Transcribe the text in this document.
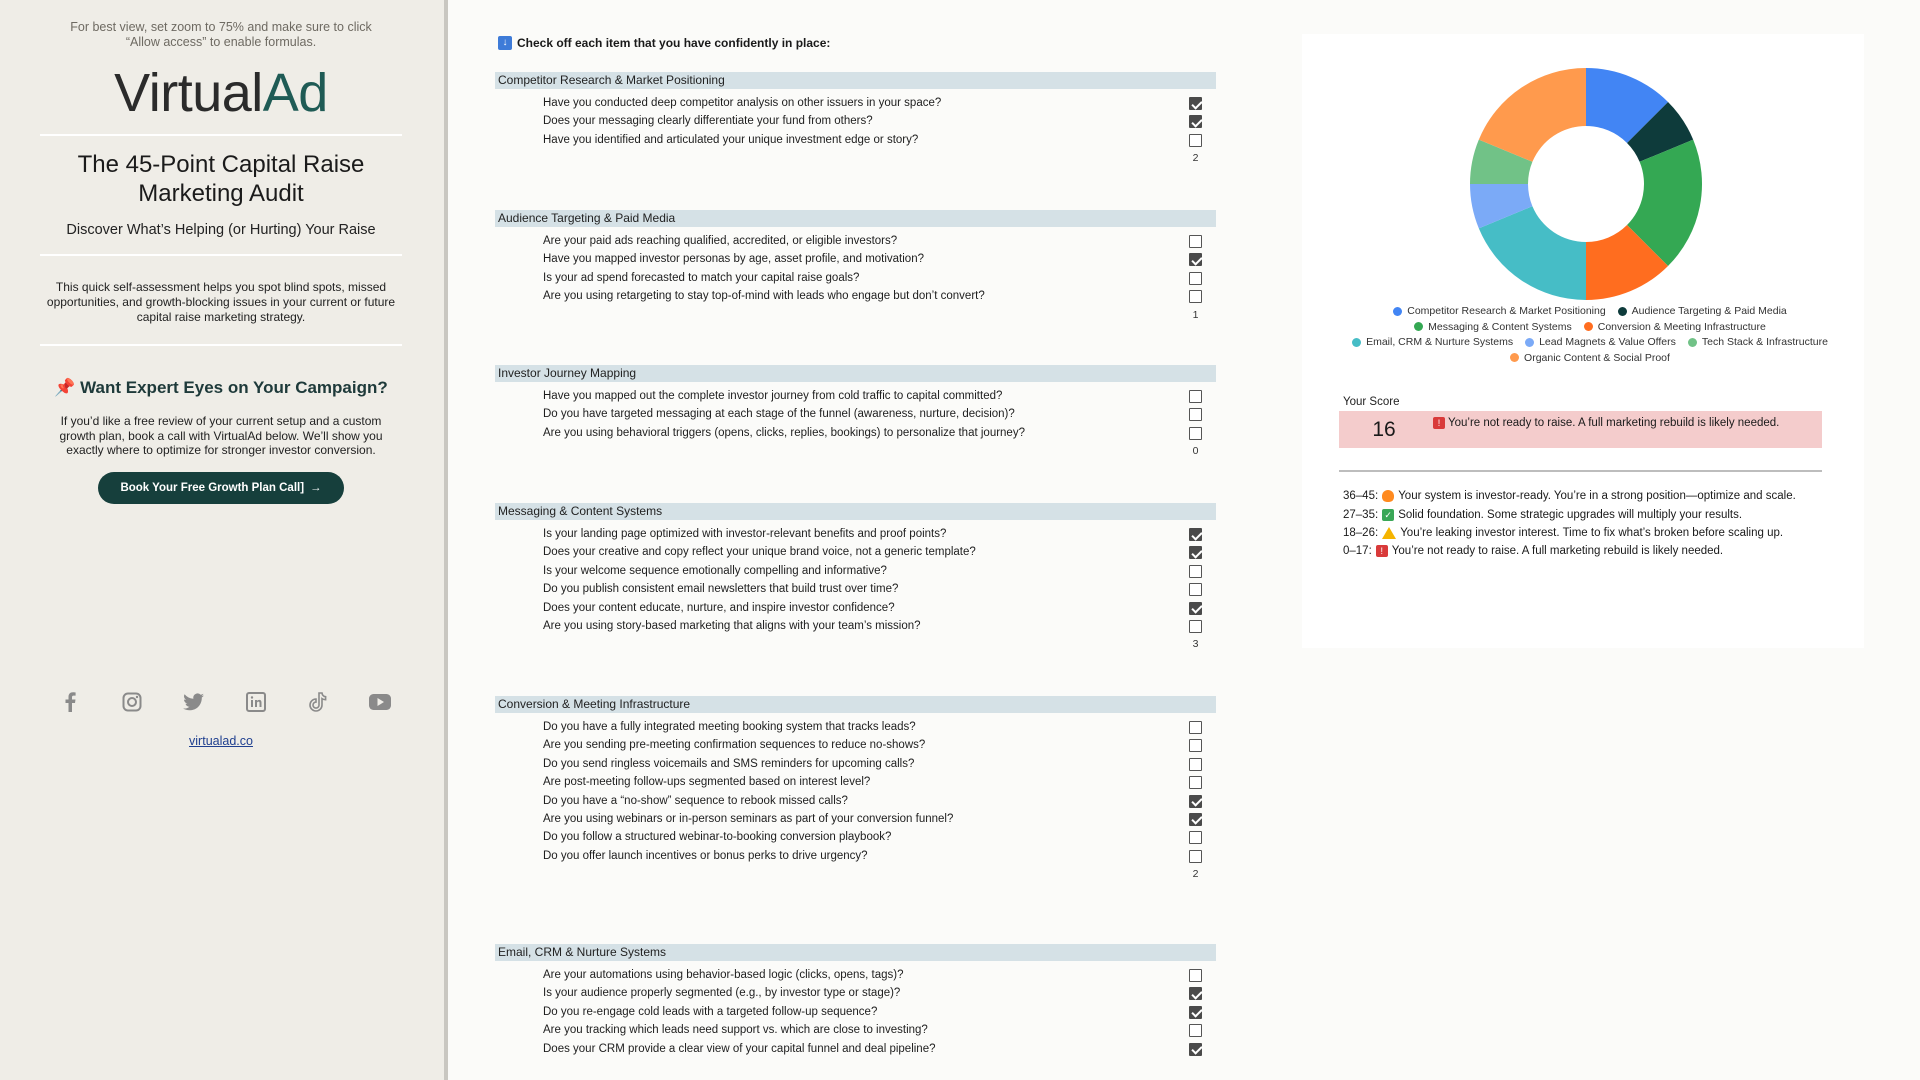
For best view, set zoom to 75% and make sure to click “Allow access” to enable formulas.
VirtualAd
The 45-Point Capital Raise Marketing Audit
Discover What’s Helping (or Hurting) Your Raise
This quick self-assessment helps you spot blind spots, missed opportunities, and growth-blocking issues in your current or future capital raise marketing strategy.
📌 Want Expert Eyes on Your Campaign?
If you’d like a free review of your current setup and a custom growth plan, book a call with VirtualAd below. We’ll show you exactly where to optimize for stronger investor conversion.
Book Your Free Growth Plan Call] →
virtualad.co
↓ Check off each item that you have confidently in place:
Competitor Research & Market Positioning
Have you conducted deep competitor analysis on other issuers in your space?
Does your messaging clearly differentiate your fund from others?
Have you identified and articulated your unique investment edge or story?
2
Audience Targeting & Paid Media
Are your paid ads reaching qualified, accredited, or eligible investors?
Have you mapped investor personas by age, asset profile, and motivation?
Is your ad spend forecasted to match your capital raise goals?
Are you using retargeting to stay top-of-mind with leads who engage but don’t convert?
1
Investor Journey Mapping
Have you mapped out the complete investor journey from cold traffic to capital committed?
Do you have targeted messaging at each stage of the funnel (awareness, nurture, decision)?
Are you using behavioral triggers (opens, clicks, replies, bookings) to personalize that journey?
0
Messaging & Content Systems
Is your landing page optimized with investor-relevant benefits and proof points?
Does your creative and copy reflect your unique brand voice, not a generic template?
Is your welcome sequence emotionally compelling and informative?
Do you publish consistent email newsletters that build trust over time?
Does your content educate, nurture, and inspire investor confidence?
Are you using story-based marketing that aligns with your team’s mission?
3
Conversion & Meeting Infrastructure
Do you have a fully integrated meeting booking system that tracks leads?
Are you sending pre-meeting confirmation sequences to reduce no-shows?
Do you send ringless voicemails and SMS reminders for upcoming calls?
Are post-meeting follow-ups segmented based on interest level?
Do you have a “no-show” sequence to rebook missed calls?
Are you using webinars or in-person seminars as part of your conversion funnel?
Do you follow a structured webinar-to-booking conversion playbook?
Do you offer launch incentives or bonus perks to drive urgency?
2
Email, CRM & Nurture Systems
Are your automations using behavior-based logic (clicks, opens, tags)?
Is your audience properly segmented (e.g., by investor type or stage)?
Do you re-engage cold leads with a targeted follow-up sequence?
Are you tracking which leads need support vs. which are close to investing?
Does your CRM provide a clear view of your capital funnel and deal pipeline?
Competitor Research & Market Positioning Audience Targeting & Paid Media
Messaging & Content Systems Conversion & Meeting Infrastructure
Email, CRM & Nurture Systems Lead Magnets & Value Offers Tech Stack & Infrastructure
Organic Content & Social Proof
Your Score
16	! You’re not ready to raise. A full marketing rebuild is likely needed.
36–45: Your system is investor-ready. You’re in a strong position—optimize and scale.
27–35: ✓ Solid foundation. Some strategic upgrades will multiply your results.
18–26: You’re leaking investor interest. Time to fix what’s broken before scaling up.
0–17: ! You’re not ready to raise. A full marketing rebuild is likely needed.
